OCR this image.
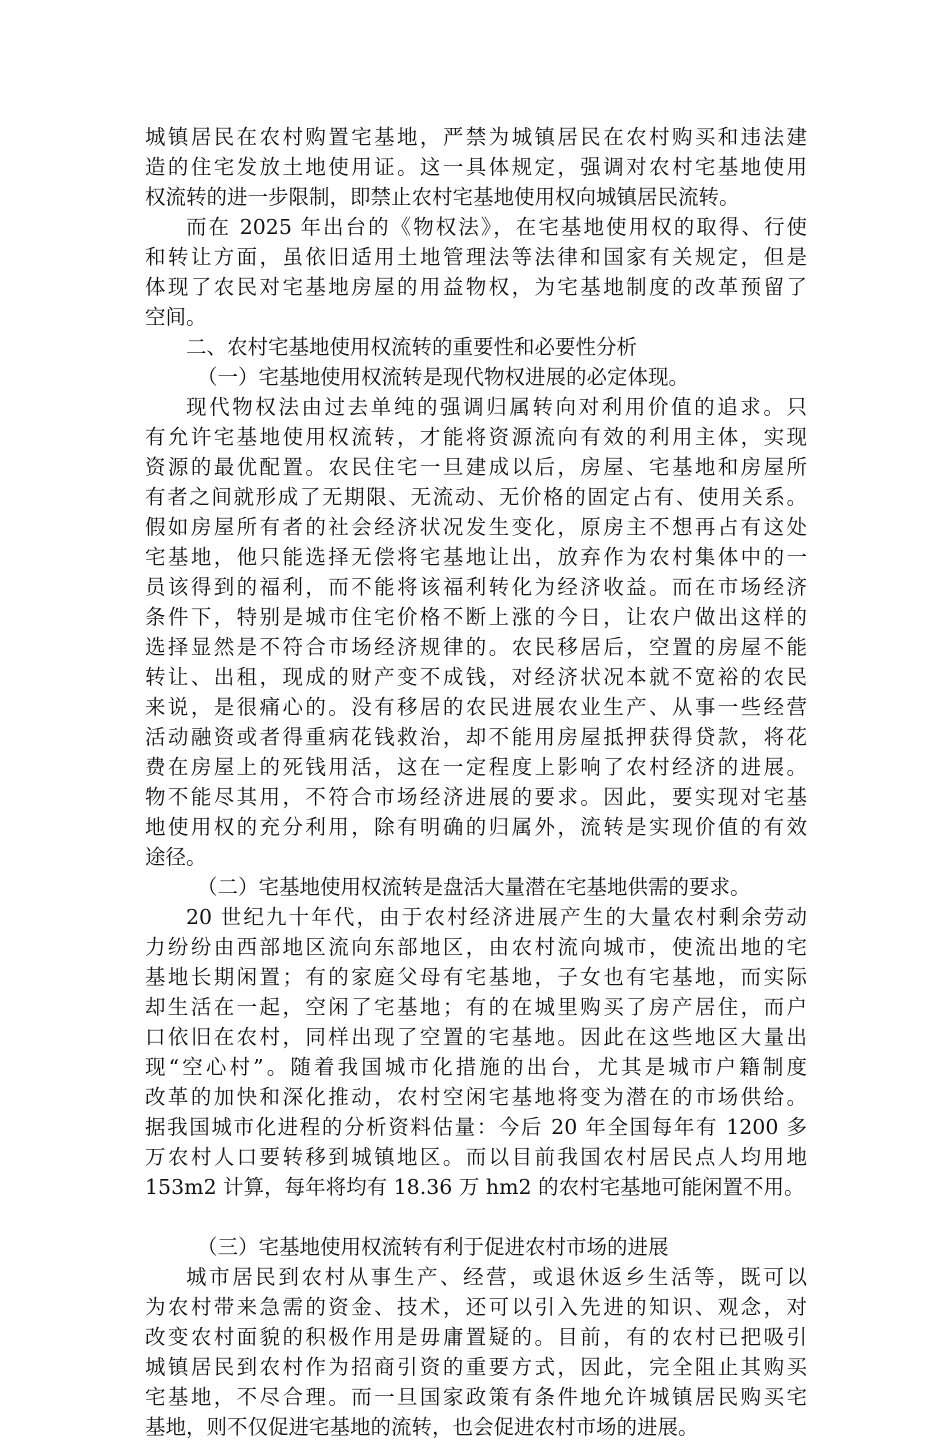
城镇居民在农村购置宅基地，严禁为城镇居民在农村购买和违法建
造的住宅发放土地使用证。这一具体规定，强调对农村宅基地使用
权流转的进一步限制，即禁止农村宅基地使用权向城镇居民流转。
而在 2025 年出台的《物权法》，在宅基地使用权的取得、行使
和转让方面，虽依旧适用土地管理法等法律和国家有关规定，但是
体现了农民对宅基地房屋的用益物权，为宅基地制度的改革预留了
空间。
二、农村宅基地使用权流转的重要性和必要性分析
（一）宅基地使用权流转是现代物权进展的必定体现。
现代物权法由过去单纯的强调归属转向对利用价值的追求。只
有允许宅基地使用权流转，才能将资源流向有效的利用主体，实现
资源的最优配置。农民住宅一旦建成以后，房屋、宅基地和房屋所
有者之间就形成了无期限、无流动、无价格的固定占有、使用关系。
假如房屋所有者的社会经济状况发生变化，原房主不想再占有这处
宅基地，他只能选择无偿将宅基地让出，放弃作为农村集体中的一
员该得到的福利，而不能将该福利转化为经济收益。而在市场经济
条件下，特别是城市住宅价格不断上涨的今日，让农户做出这样的
选择显然是不符合市场经济规律的。农民移居后，空置的房屋不能
转让、出租，现成的财产变不成钱，对经济状况本就不宽裕的农民
来说，是很痛心的。没有移居的农民进展农业生产、从事一些经营
活动融资或者得重病花钱救治，却不能用房屋抵押获得贷款，将花
费在房屋上的死钱用活，这在一定程度上影响了农村经济的进展。
物不能尽其用，不符合市场经济进展的要求。因此，要实现对宅基
地使用权的充分利用，除有明确的归属外，流转是实现价值的有效
途径。
（二）宅基地使用权流转是盘活大量潜在宅基地供需的要求。
20 世纪九十年代，由于农村经济进展产生的大量农村剩余劳动
力纷纷由西部地区流向东部地区，由农村流向城市，使流出地的宅
基地长期闲置；有的家庭父母有宅基地，子女也有宅基地，而实际
却生活在一起，空闲了宅基地；有的在城里购买了房产居住，而户
口依旧在农村，同样出现了空置的宅基地。因此在这些地区大量出
现“空心村”。随着我国城市化措施的出台，尤其是城市户籍制度
改革的加快和深化推动，农村空闲宅基地将变为潜在的市场供给。
据我国城市化进程的分析资料估量：今后 20 年全国每年有 1200 多
万农村人口要转移到城镇地区。而以目前我国农村居民点人均用地
153m2 计算，每年将均有 18.36 万 hm2 的农村宅基地可能闲置不用。
（三）宅基地使用权流转有利于促进农村市场的进展
城市居民到农村从事生产、经营，或退休返乡生活等，既可以
为农村带来急需的资金、技术，还可以引入先进的知识、观念，对
改变农村面貌的积极作用是毋庸置疑的。目前，有的农村已把吸引
城镇居民到农村作为招商引资的重要方式，因此，完全阻止其购买
宅基地，不尽合理。而一旦国家政策有条件地允许城镇居民购买宅
基地，则不仅促进宅基地的流转，也会促进农村市场的进展。
